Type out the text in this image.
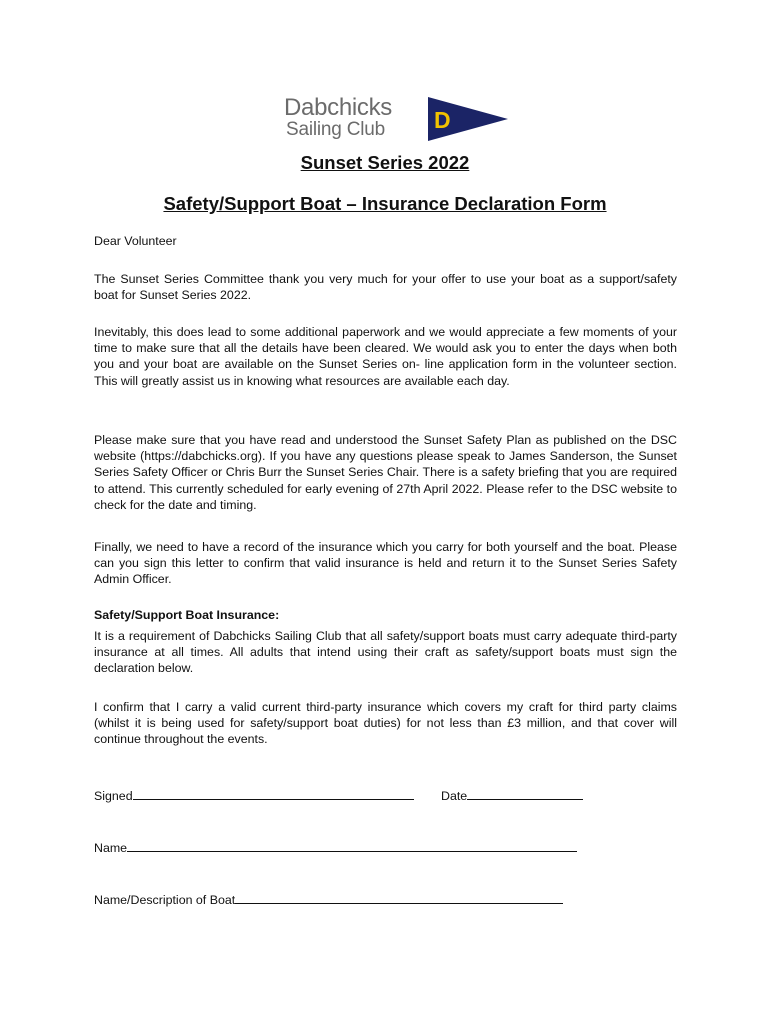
Dabchicks
Sailing Club D
Sunset Series 2022
Safety/Support Boat – Insurance Declaration Form
Dear Volunteer
The Sunset Series Committee thank you very much for your offer to use your boat as a support/safety boat for Sunset Series 2022.
Inevitably, this does lead to some additional paperwork and we would appreciate a few moments of your time to make sure that all the details have been cleared. We would ask you to enter the days when both you and your boat are available on the Sunset Series on- line application form in the volunteer section. This will greatly assist us in knowing what resources are available each day.
Please make sure that you have read and understood the Sunset Safety Plan as published on the DSC website (https://dabchicks.org). If you have any questions please speak to James Sanderson, the Sunset Series Safety Officer or Chris Burr the Sunset Series Chair. There is a safety briefing that you are required to attend. This currently scheduled for early evening of 27th April 2022. Please refer to the DSC website to check for the date and timing.
Finally, we need to have a record of the insurance which you carry for both yourself and the boat. Please can you sign this letter to confirm that valid insurance is held and return it to the Sunset Series Safety Admin Officer.
Safety/Support Boat Insurance:
It is a requirement of Dabchicks Sailing Club that all safety/support boats must carry adequate third-party insurance at all times. All adults that intend using their craft as safety/support boats must sign the declaration below.
I confirm that I carry a valid current third-party insurance which covers my craft for third party claims (whilst it is being used for safety/support boat duties) for not less than £3 million, and that cover will continue throughout the events.
Signed	Date
Name
Name/Description of Boat
